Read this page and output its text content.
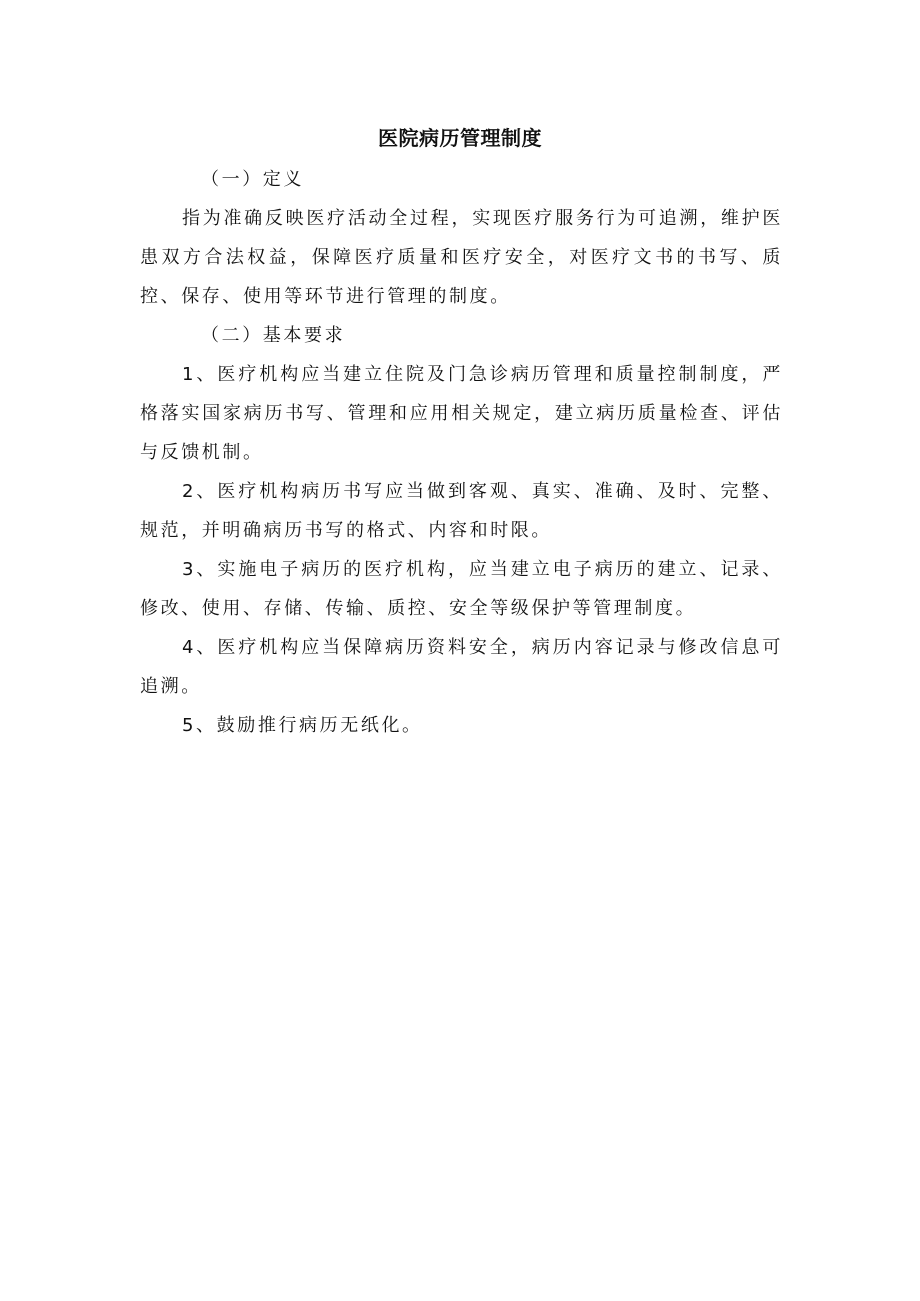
医院病历管理制度

（一）定义

指为准确反映医疗活动全过程，实现医疗服务行为可追溯，维护医患双方合法权益，保障医疗质量和医疗安全，对医疗文书的书写、质控、保存、使用等环节进行管理的制度。

（二）基本要求

1、医疗机构应当建立住院及门急诊病历管理和质量控制制度，严格落实国家病历书写、管理和应用相关规定，建立病历质量检查、评估与反馈机制。

2、医疗机构病历书写应当做到客观、真实、准确、及时、完整、规范，并明确病历书写的格式、内容和时限。

3、实施电子病历的医疗机构，应当建立电子病历的建立、记录、修改、使用、存储、传输、质控、安全等级保护等管理制度。

4、医疗机构应当保障病历资料安全，病历内容记录与修改信息可追溯。

5、鼓励推行病历无纸化。
